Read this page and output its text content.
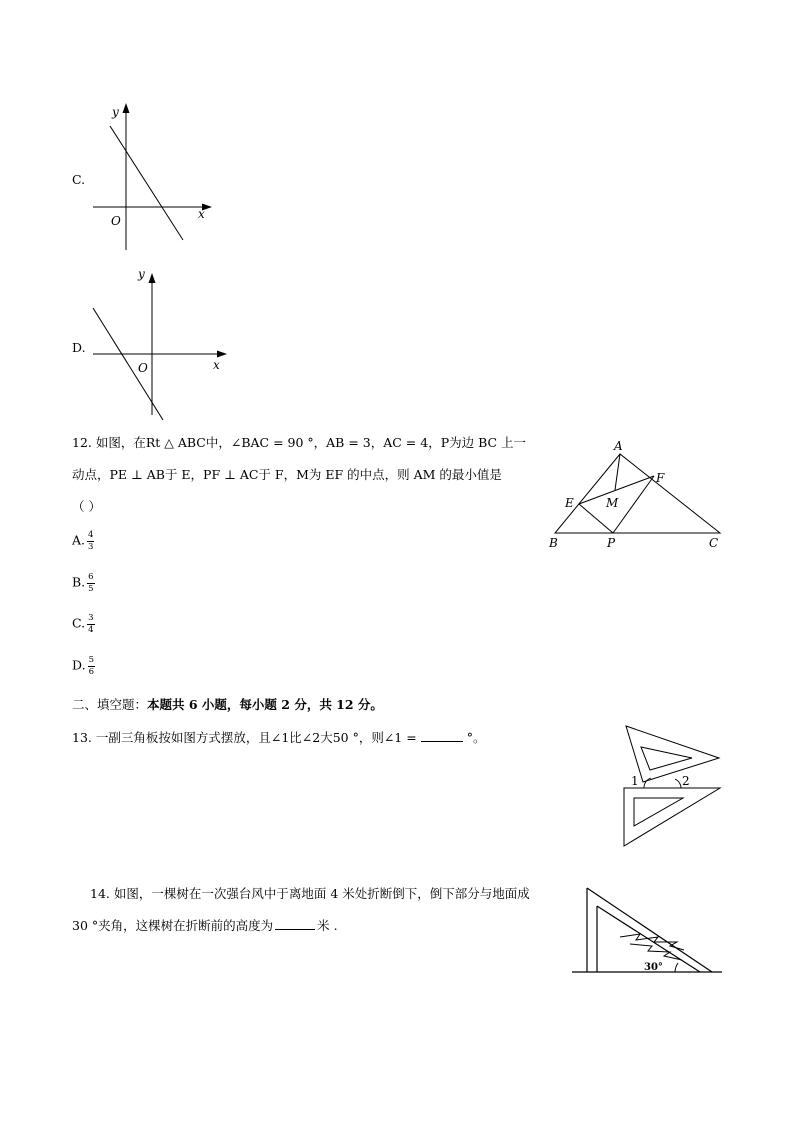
C.
y
x
O
D.
y
x
O
12. 如图，在Rt △ ABC中，∠BAC = 90 °，AB = 3，AC = 4，P为边 BC 上一
动点，PE ⊥ AB于 E，PF ⊥ AC于 F，M为 EF 的中点，则 AM 的最小值是
（ ）
A. $\frac{4}{3}$
B. $\frac{6}{5}$
C. $\frac{3}{4}$
D. $\frac{5}{6}$
A
F
E	M
B	P	C
二、填空题：本题共 6 小题，每小题 2 分，共 12 分。
13. 一副三角板按如图方式摆放，且∠1比∠2大50 °，则∠1 =	°。
1	2
14. 如图，一棵树在一次强台风中于离地面 4 米处折断倒下，倒下部分与地面成
30 °夹角，这棵树在折断前的高度为	米 .
30°
